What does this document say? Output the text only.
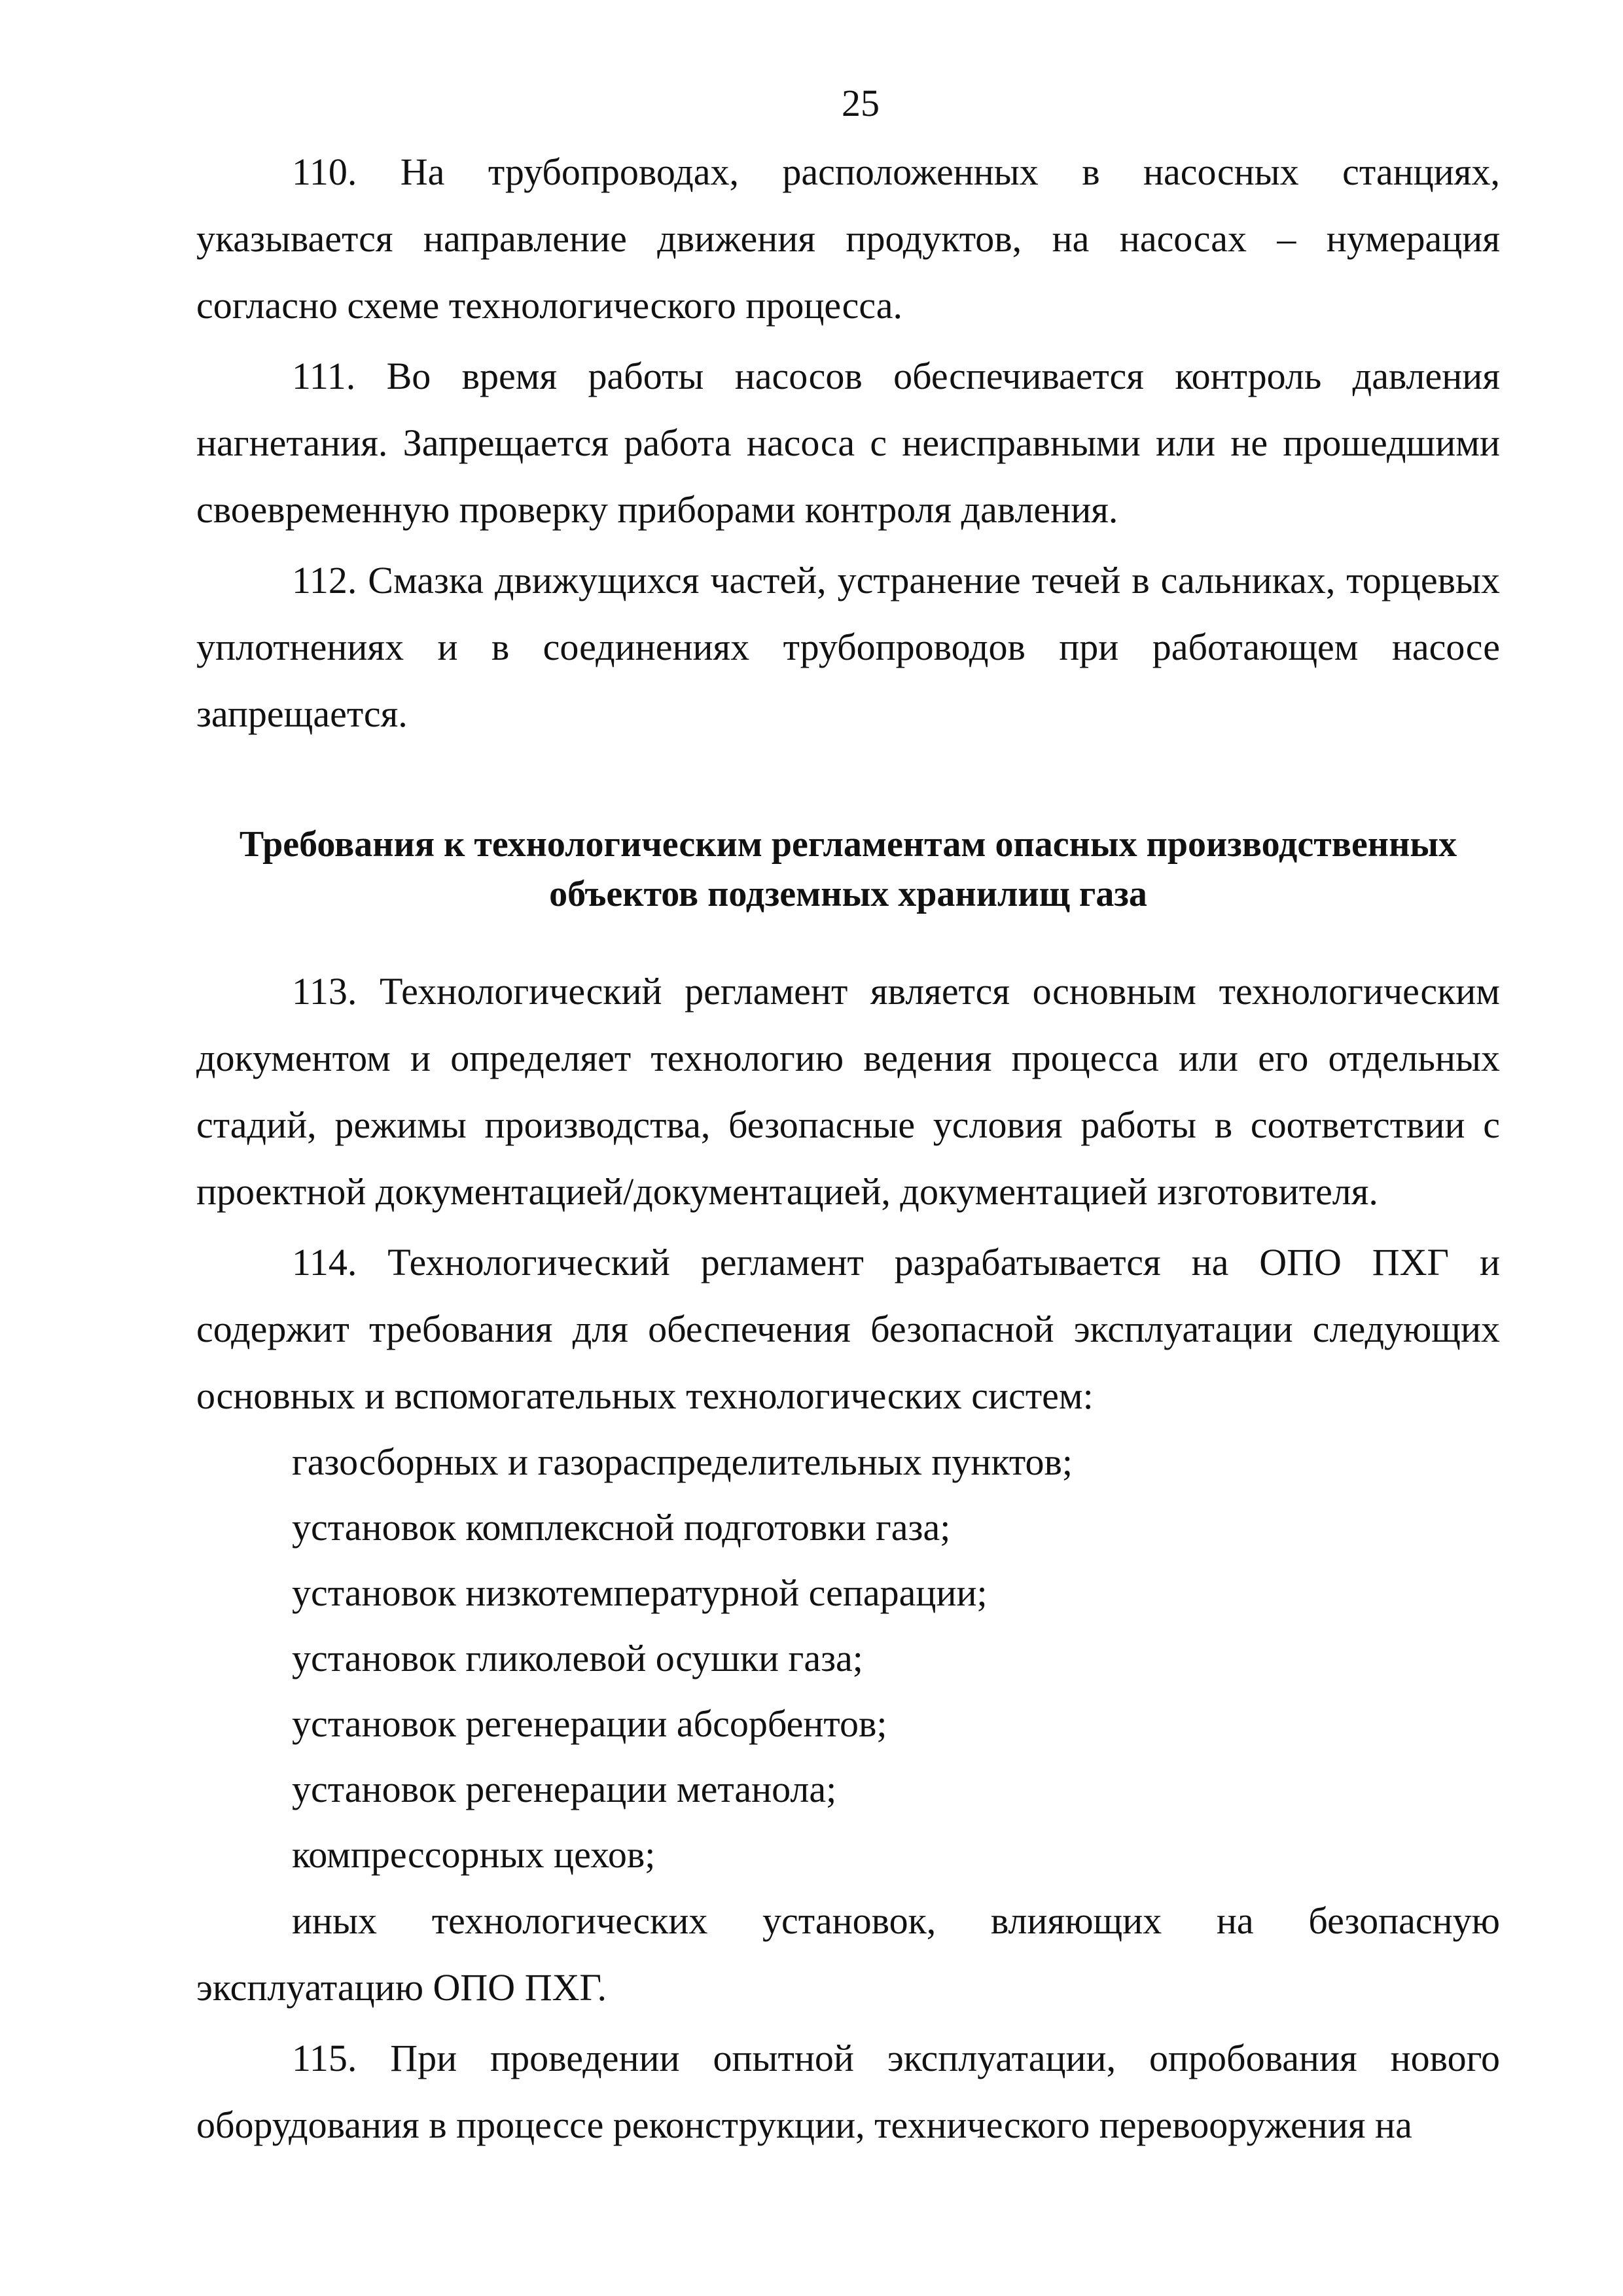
25

110. На трубопроводах, расположенных в насосных станциях, указывается направление движения продуктов, на насосах – нумерация согласно схеме технологического процесса.

111. Во время работы насосов обеспечивается контроль давления нагнетания. Запрещается работа насоса с неисправными или не прошедшими своевременную проверку приборами контроля давления.

112. Смазка движущихся частей, устранение течей в сальниках, торцевых уплотнениях и в соединениях трубопроводов при работающем насосе запрещается.

Требования к технологическим регламентам опасных производственных
объектов подземных хранилищ газа

113. Технологический регламент является основным технологическим документом и определяет технологию ведения процесса или его отдельных стадий, режимы производства, безопасные условия работы в соответствии с проектной документацией/документацией, документацией изготовителя.

114. Технологический регламент разрабатывается на ОПО ПХГ и содержит требования для обеспечения безопасной эксплуатации следующих основных и вспомогательных технологических систем:

газосборных и газораспределительных пунктов;

установок комплексной подготовки газа;

установок низкотемпературной сепарации;

установок гликолевой осушки газа;

установок регенерации абсорбентов;

установок регенерации метанола;

компрессорных цехов;

иных технологических установок, влияющих на безопасную эксплуатацию ОПО ПХГ.

115. При проведении опытной эксплуатации, опробования нового оборудования в процессе реконструкции, технического перевооружения на
